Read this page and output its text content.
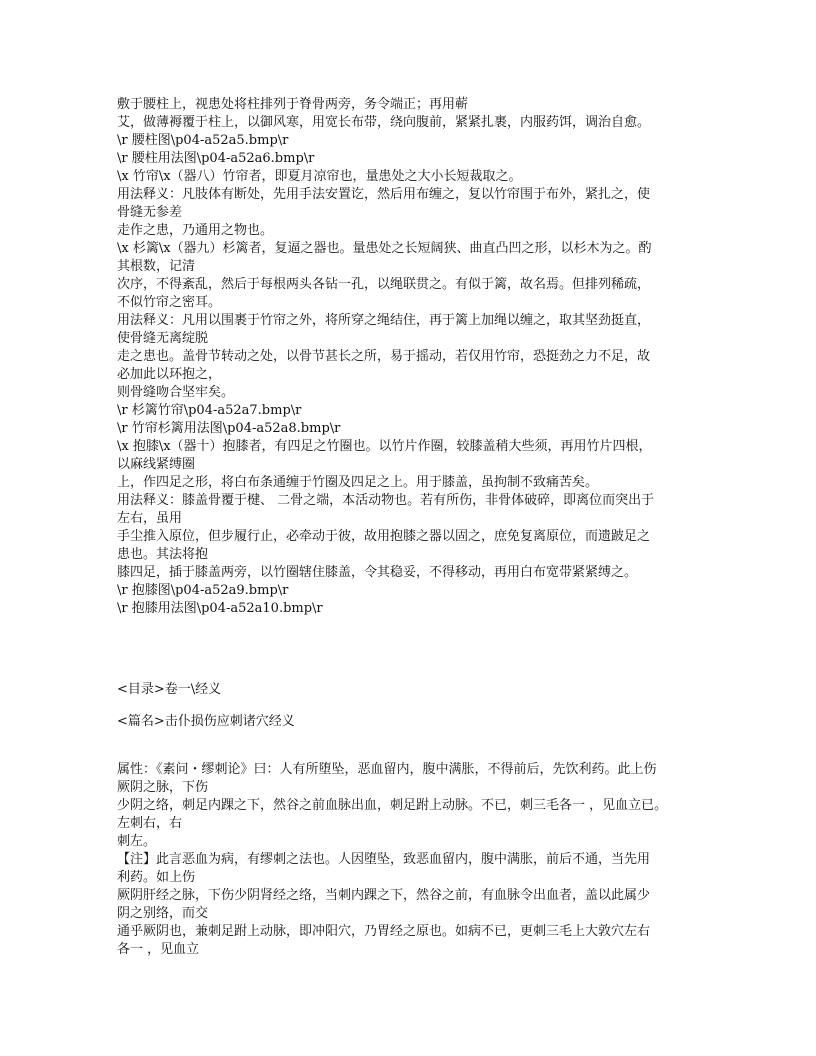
敷于腰柱上，视患处将柱排列于脊骨两旁，务令端正；再用蕲
艾，做薄褥覆于柱上，以御风寒，用宽长布带，绕向腹前，紧紧扎裹，内服药饵，调治自愈。
\r 腰柱图\p04-a52a5.bmp\r
\r 腰柱用法图\p04-a52a6.bmp\r
\x 竹帘\x（器八）竹帘者，即夏月凉帘也，量患处之大小长短裁取之。
用法释义：凡肢体有断处，先用手法安置讫，然后用布缠之，复以竹帘围于布外，紧扎之，使
骨缝无参差
走作之患，乃通用之物也。
\x 杉篱\x（器九）杉篱者，复逼之器也。量患处之长短阔狭、曲直凸凹之形，以杉木为之。酌
其根数，记清
次序，不得紊乱，然后于每根两头各钻一孔，以绳联贯之。有似于篱，故名焉。但排列稀疏，
不似竹帘之密耳。
用法释义：凡用以围裹于竹帘之外，将所穿之绳结住，再于篱上加绳以缠之，取其坚劲挺直，
使骨缝无离绽脱
走之患也。盖骨节转动之处，以骨节甚长之所，易于摇动，若仅用竹帘，恐挺劲之力不足，故
必加此以环抱之，
则骨缝吻合坚牢矣。
\r 杉篱竹帘\p04-a52a7.bmp\r
\r 竹帘杉篱用法图\p04-a52a8.bmp\r
\x 抱膝\x（器十）抱膝者，有四足之竹圈也。以竹片作圈，较膝盖稍大些须，再用竹片四根，
以麻线紧缚圈
上，作四足之形，将白布条通缠于竹圈及四足之上。用于膝盖，虽拘制不致痛苦矣。
用法释义：膝盖骨覆于楗、 二骨之端，本活动物也。若有所伤，非骨体破碎，即离位而突出于
左右，虽用
手尘推入原位，但步履行止，必牵动于彼，故用抱膝之器以固之，庶免复离原位，而遗跛足之
患也。其法将抱
膝四足，插于膝盖两旁，以竹圈辖住膝盖，令其稳妥，不得移动，再用白布宽带紧紧缚之。
\r 抱膝图\p04-a52a9.bmp\r
\r 抱膝用法图\p04-a52a10.bmp\r
<目录>卷一\经义
<篇名>击仆损伤应刺诸穴经义
属性：《素问・缪刺论》曰：人有所堕坠，恶血留内，腹中满胀，不得前后，先饮利药。此上伤
厥阴之脉，下伤
少阴之络，刺足内踝之下，然谷之前血脉出血，刺足跗上动脉。不已，刺三毛各一 ，见血立已。
左刺右，右
刺左。
【注】此言恶血为病，有缪刺之法也。人因堕坠，致恶血留内，腹中满胀，前后不通，当先用
利药。如上伤
厥阴肝经之脉，下伤少阴肾经之络，当刺内踝之下，然谷之前，有血脉令出血者，盖以此属少
阴之别络，而交
通乎厥阴也，兼刺足跗上动脉，即冲阳穴，乃胃经之原也。如病不已，更刺三毛上大敦穴左右
各一 ，见血立
